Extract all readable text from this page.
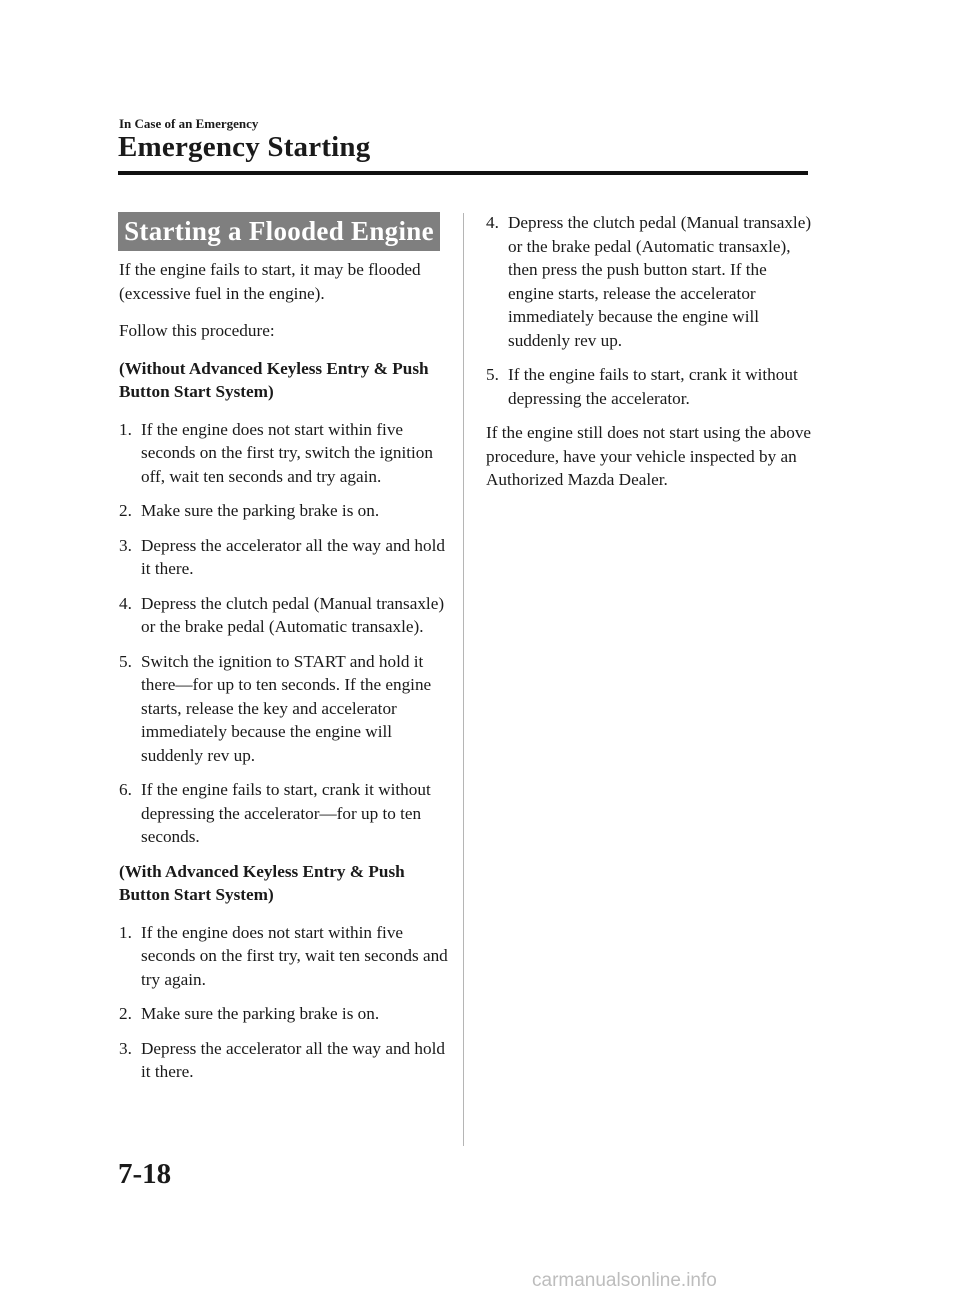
In Case of an Emergency
Emergency Starting
Starting a Flooded Engine

If the engine fails to start, it may be flooded (excessive fuel in the engine).

Follow this procedure:

(Without Advanced Keyless Entry & Push Button Start System)

1. If the engine does not start within five seconds on the first try, switch the ignition off, wait ten seconds and try again.
2. Make sure the parking brake is on.
3. Depress the accelerator all the way and hold it there.
4. Depress the clutch pedal (Manual transaxle) or the brake pedal (Automatic transaxle).
5. Switch the ignition to START and hold it there―for up to ten seconds. If the engine starts, release the key and accelerator immediately because the engine will suddenly rev up.
6. If the engine fails to start, crank it without depressing the accelerator―for up to ten seconds.

(With Advanced Keyless Entry & Push Button Start System)

1. If the engine does not start within five seconds on the first try, wait ten seconds and try again.
2. Make sure the parking brake is on.
3. Depress the accelerator all the way and hold it there.
4. Depress the clutch pedal (Manual transaxle) or the brake pedal (Automatic transaxle), then press the push button start. If the engine starts, release the accelerator immediately because the engine will suddenly rev up.
5. If the engine fails to start, crank it without depressing the accelerator.

If the engine still does not start using the above procedure, have your vehicle inspected by an Authorized Mazda Dealer.

7-18
carmanualsonline.info
